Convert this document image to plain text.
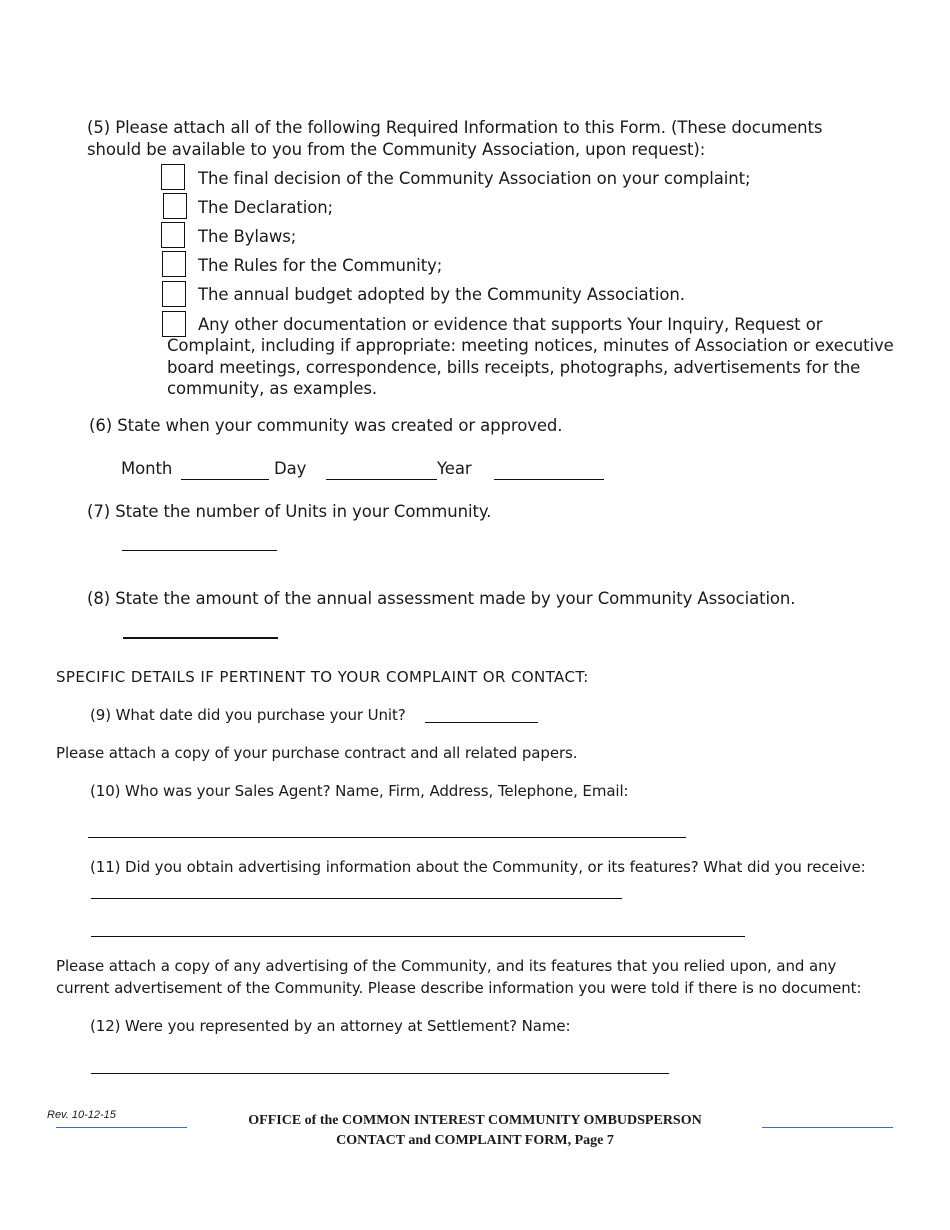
(5) Please attach all of the following Required Information to this Form. (These documents
should be available to you from the Community Association, upon request):
The final decision of the Community Association on your complaint;
The Declaration;
The Bylaws;
The Rules for the Community;
The annual budget adopted by the Community Association.
Any other documentation or evidence that supports Your Inquiry, Request or
Complaint, including if appropriate: meeting notices, minutes of Association or executive
board meetings, correspondence, bills receipts, photographs, advertisements for the
community, as examples.
(6) State when your community was created or approved.
Month	Day	Year
(7) State the number of Units in your Community.
(8) State the amount of the annual assessment made by your Community Association.
SPECIFIC DETAILS IF PERTINENT TO YOUR COMPLAINT OR CONTACT:
(9) What date did you purchase your Unit?
Please attach a copy of your purchase contract and all related papers.
(10) Who was your Sales Agent? Name, Firm, Address, Telephone, Email:
(11) Did you obtain advertising information about the Community, or its features? What did you receive:
Please attach a copy of any advertising of the Community, and its features that you relied upon, and any
current advertisement of the Community. Please describe information you were told if there is no document:
(12) Were you represented by an attorney at Settlement? Name:
Rev. 10-12-15	OFFICE of the COMMON INTEREST COMMUNITY OMBUDSPERSON
CONTACT and COMPLAINT FORM, Page 7
